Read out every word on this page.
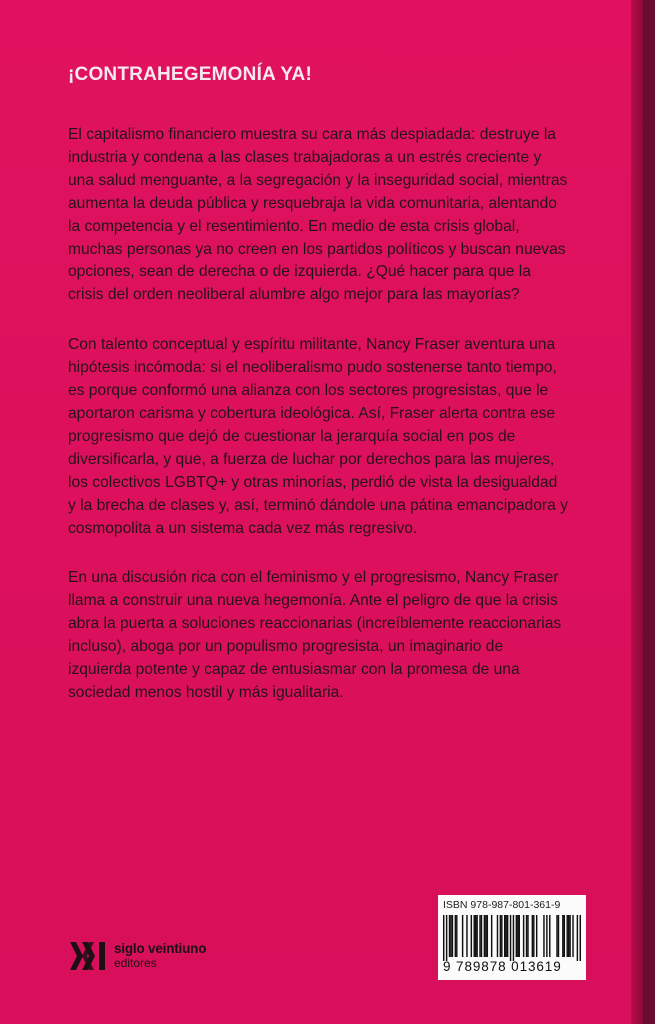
¡CONTRAHEGEMONÍA YA!

El capitalismo financiero muestra su cara más despiadada: destruye la industria y condena a las clases trabajadoras a un estrés creciente y una salud menguante, a la segregación y la inseguridad social, mientras aumenta la deuda pública y resquebraja la vida comunitaria, alentando la competencia y el resentimiento. En medio de esta crisis global, muchas personas ya no creen en los partidos políticos y buscan nuevas opciones, sean de derecha o de izquierda. ¿Qué hacer para que la crisis del orden neoliberal alumbre algo mejor para las mayorías?

Con talento conceptual y espíritu militante, Nancy Fraser aventura una hipótesis incómoda: si el neoliberalismo pudo sostenerse tanto tiempo, es porque conformó una alianza con los sectores progresistas, que le aportaron carisma y cobertura ideológica. Así, Fraser alerta contra ese progresismo que dejó de cuestionar la jerarquía social en pos de diversificarla, y que, a fuerza de luchar por derechos para las mujeres, los colectivos LGBTQ+ y otras minorías, perdió de vista la desigualdad y la brecha de clases y, así, terminó dándole una pátina emancipadora y cosmopolita a un sistema cada vez más regresivo.

En una discusión rica con el feminismo y el progresismo, Nancy Fraser llama a construir una nueva hegemonía. Ante el peligro de que la crisis abra la puerta a soluciones reaccionarias (increíblemente reaccionarias incluso), aboga por un populismo progresista, un imaginario de izquierda potente y capaz de entusiasmar con la promesa de una sociedad menos hostil y más igualitaria.

siglo veintiuno
editores
ISBN 978-987-801-361-9
9 789878 013619
